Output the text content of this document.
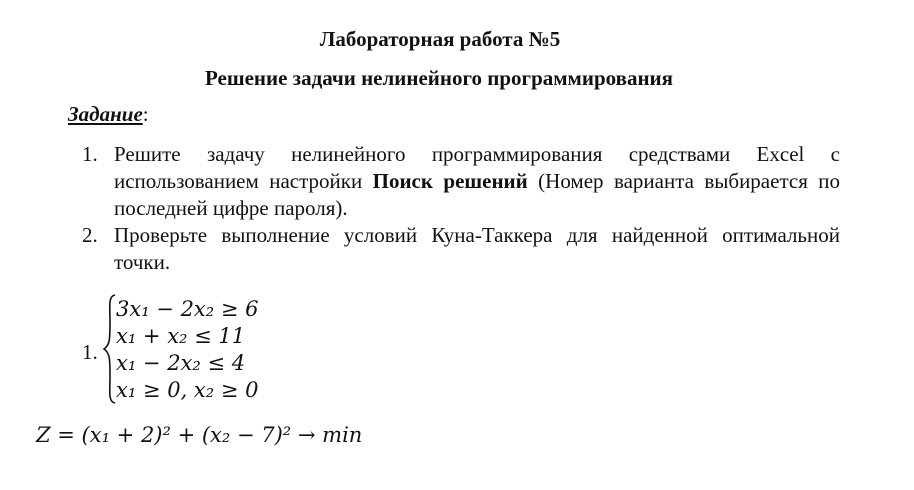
Лабораторная работа №5
Решение задачи нелинейного программирования
Задание:
1. Решите задачу нелинейного программирования средствами Excel с использованием настройки Поиск решений (Номер варианта выбирается по последней цифре пароля).
2. Проверьте выполнение условий Куна-Таккера для найденной оптимальной точки.
1.
3x₁ − 2x₂ ≥ 6
x₁ + x₂ ≤ 11
x₁ − 2x₂ ≤ 4
x₁ ≥ 0, x₂ ≥ 0
Z = (x₁ + 2)² + (x₂ − 7)² → min
